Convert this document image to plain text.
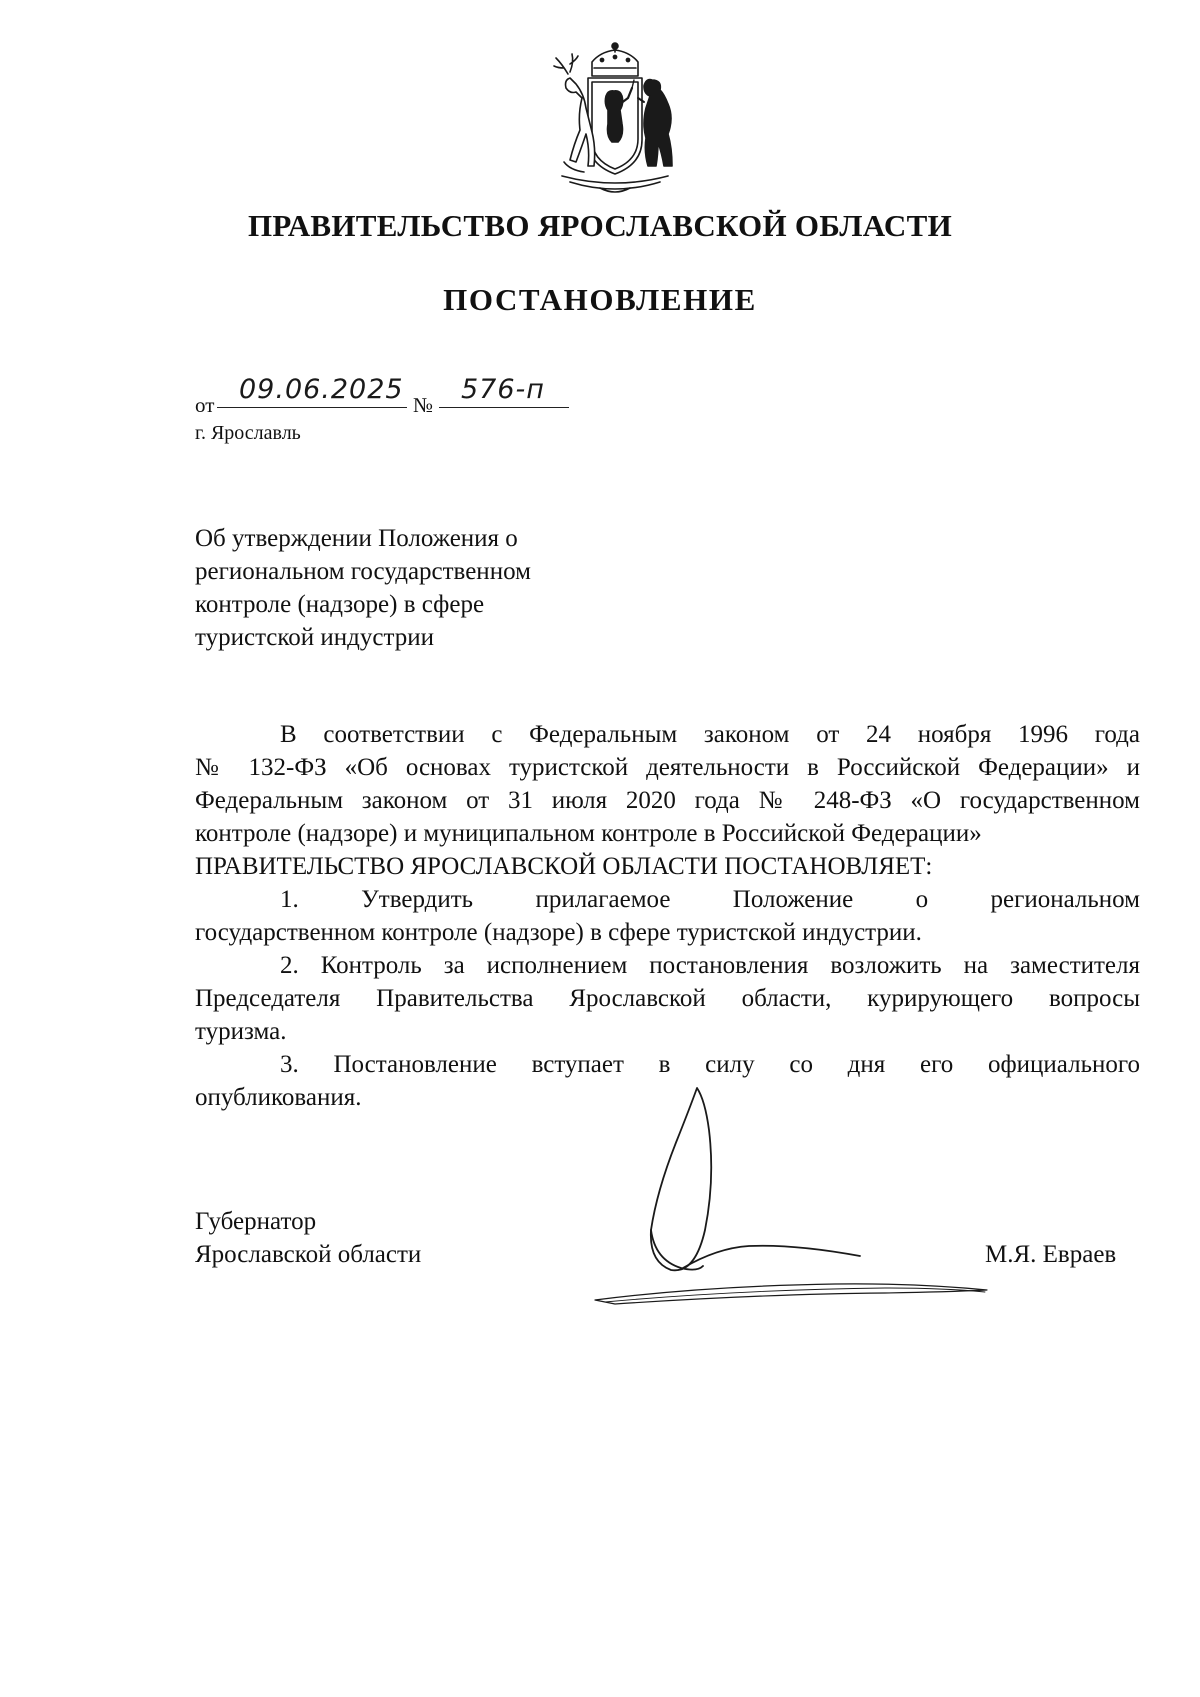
ПРАВИТЕЛЬСТВО ЯРОСЛАВСКОЙ ОБЛАСТИ
ПОСТАНОВЛЕНИЕ
от 09.06.2025 №	576-п

г. Ярославль

Об утверждении Положения о
региональном государственном
контроле (надзоре) в сфере
туристской индустрии
В соответствии с Федеральным законом от 24 ноября 1996 года
№ 132-ФЗ «Об основах туристской деятельности в Российской Федерации» и
Федеральным законом от 31 июля 2020 года № 248-ФЗ «О государственном
контроле (надзоре) и муниципальном контроле в Российской Федерации»
ПРАВИТЕЛЬСТВО ЯРОСЛАВСКОЙ ОБЛАСТИ ПОСТАНОВЛЯЕТ:
1. Утвердить прилагаемое Положение о региональном
государственном контроле (надзоре) в сфере туристской индустрии.
2. Контроль за исполнением постановления возложить на заместителя
Председателя Правительства Ярославской области, курирующего вопросы
туризма.
3. Постановление вступает в силу со дня его официального
опубликования.
Губернатор
Ярославской области	М.Я. Евраев
